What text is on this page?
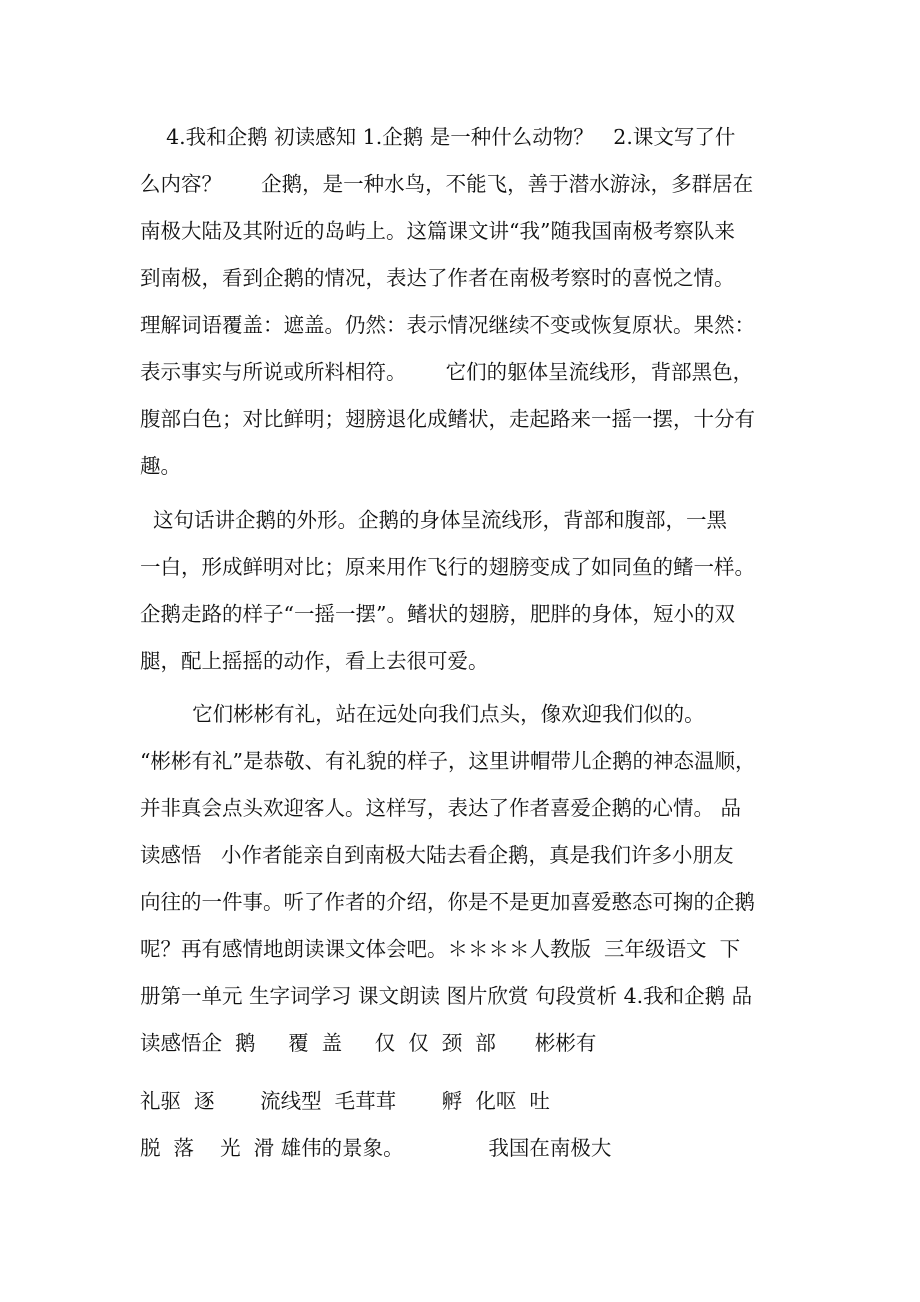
4.我和企鹅 初读感知 1.企鹅 是一种什么动物？   2.课文写了什
么内容？      企鹅，是一种水鸟，不能飞，善于潜水游泳，多群居在
南极大陆及其附近的岛屿上。这篇课文讲“我”随我国南极考察队来
到南极，看到企鹅的情况，表达了作者在南极考察时的喜悦之情。
理解词语覆盖：遮盖。仍然：表示情况继续不变或恢复原状。果然：
表示事实与所说或所料相符。      它们的躯体呈流线形，背部黑色，
腹部白色；对比鲜明；翅膀退化成鳍状，走起路来一摇一摆，十分有
趣。
这句话讲企鹅的外形。企鹅的身体呈流线形，背部和腹部，一黑
一白，形成鲜明对比；原来用作飞行的翅膀变成了如同鱼的鳍一样。
企鹅走路的样子“一摇一摆”。鳍状的翅膀，肥胖的身体，短小的双
腿，配上摇摇的动作，看上去很可爱。
它们彬彬有礼，站在远处向我们点头，像欢迎我们似的。
“彬彬有礼”是恭敬、有礼貌的样子，这里讲帽带儿企鹅的神态温顺，
并非真会点头欢迎客人。这样写，表达了作者喜爱企鹅的心情。 品
读感悟   小作者能亲自到南极大陆去看企鹅，真是我们许多小朋友
向往的一件事。听了作者的介绍，你是不是更加喜爱憨态可掬的企鹅
呢？再有感情地朗读课文体会吧。＊＊＊＊人教版  三年级语文  下
册第一单元 生字词学习 课文朗读 图片欣赏 句段赏析 4.我和企鹅 品
读感悟企  鹅     覆  盖     仅  仅  颈  部      彬彬有
礼驱  逐       流线型  毛茸茸       孵  化呕  吐
脱  落    光  滑 雄伟的景象。             我国在南极大
